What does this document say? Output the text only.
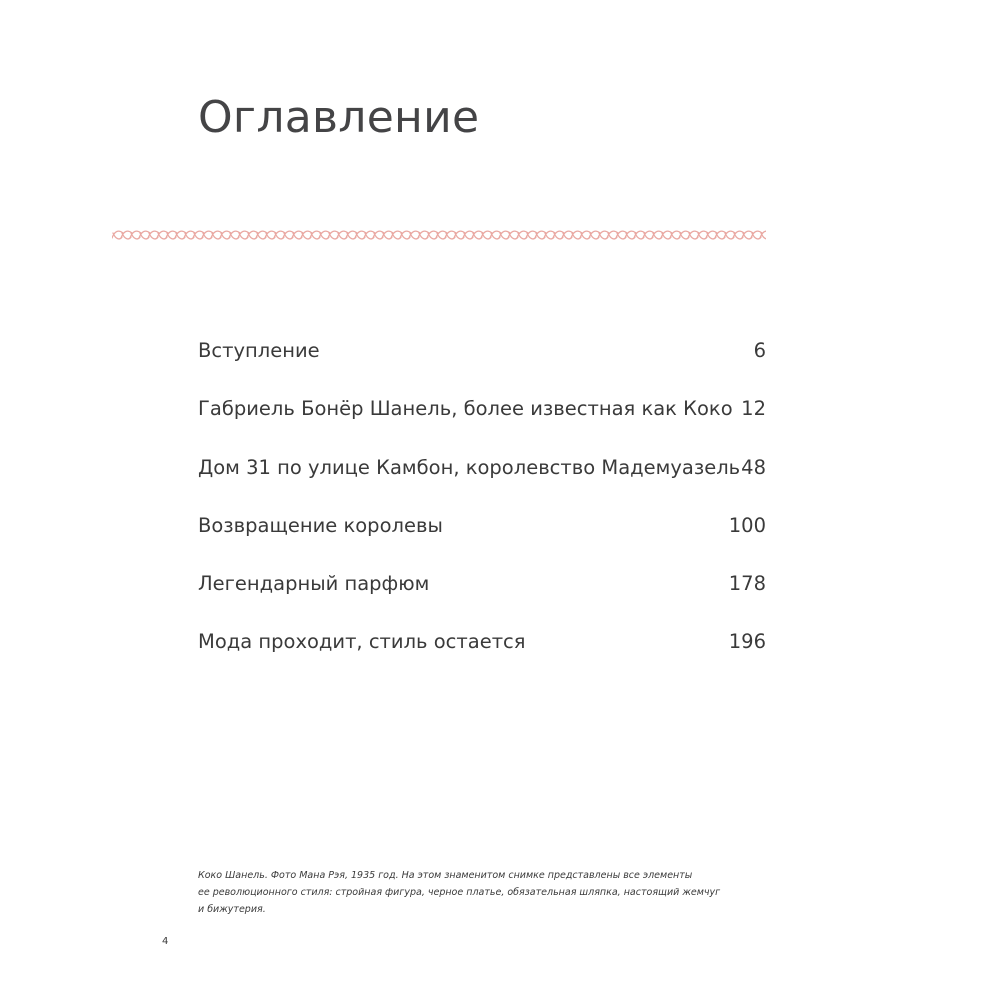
Оглавление
Вступление	6
Габриель Бонёр Шанель, более известная как Коко 12
Дом 31 по улице Камбон, королевство Мадемуазель 48
Возвращение королевы	100
Легендарный парфюм	178
Мода проходит, стиль остается	196

Коко Шанель. Фото Мана Рэя, 1935 год. На этом знаменитом снимке представлены все элементы
ее революционного стиля: стройная фигура, черное платье, обязательная шляпка, настоящий жемчуг
и бижутерия.

4
